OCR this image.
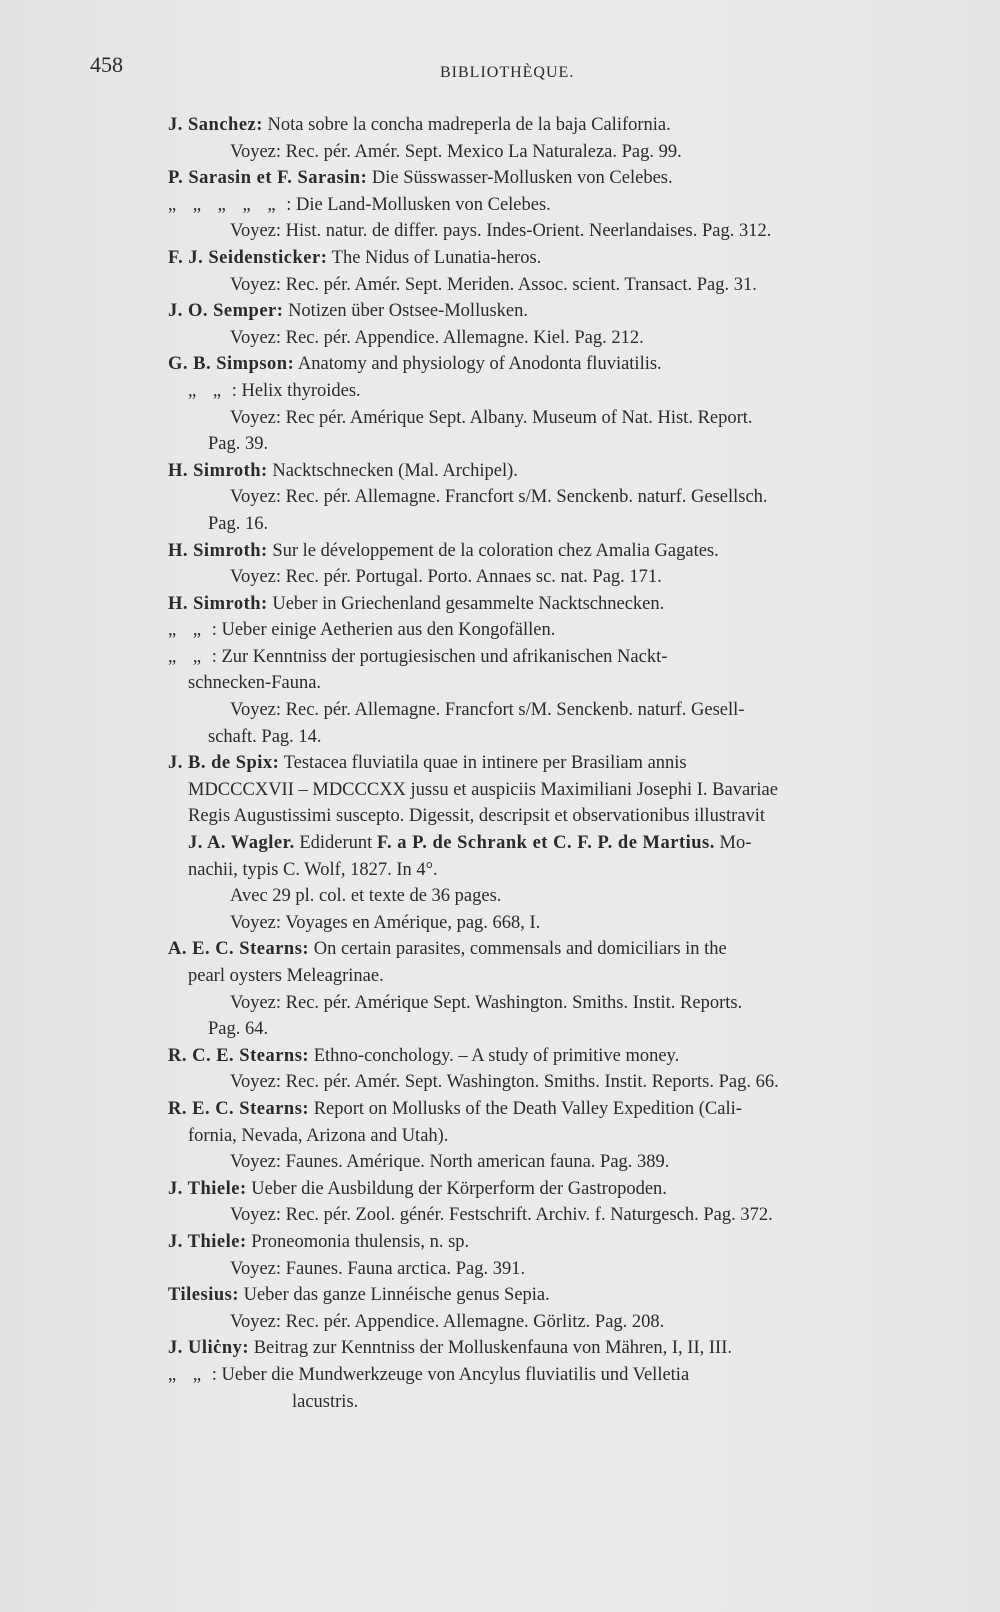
458	BIBLIOTHÈQUE.
J. Sanchez: Nota sobre la concha madreperla de la baja California.
Voyez: Rec. pér. Amér. Sept. Mexico La Naturaleza. Pag. 99.
P. Sarasin et F. Sarasin: Die Süsswasser-Mollusken von Celebes.
„ „ „ „ „ : Die Land-Mollusken von Celebes.
Voyez: Hist. natur. de differ. pays. Indes-Orient. Neerlandaises. Pag. 312.
F. J. Seidensticker: The Nidus of Lunatia-heros.
Voyez: Rec. pér. Amér. Sept. Meriden. Assoc. scient. Transact. Pag. 31.
J. O. Semper: Notizen über Ostsee-Mollusken.
Voyez: Rec. pér. Appendice. Allemagne. Kiel. Pag. 212.
G. B. Simpson: Anatomy and physiology of Anodonta fluviatilis.
„ „ : Helix thyroides.
Voyez: Rec pér. Amérique Sept. Albany. Museum of Nat. Hist. Report.
Pag. 39.
H. Simroth: Nacktschnecken (Mal. Archipel).
Voyez: Rec. pér. Allemagne. Francfort s/M. Senckenb. naturf. Gesellsch.
Pag. 16.
H. Simroth: Sur le développement de la coloration chez Amalia Gagates.
Voyez: Rec. pér. Portugal. Porto. Annaes sc. nat. Pag. 171.
H. Simroth: Ueber in Griechenland gesammelte Nacktschnecken.
„ „ : Ueber einige Aetherien aus den Kongofällen.
„ „ : Zur Kenntniss der portugiesischen und afrikanischen Nackt-
schnecken-Fauna.
Voyez: Rec. pér. Allemagne. Francfort s/M. Senckenb. naturf. Gesell-
schaft. Pag. 14.
J. B. de Spix: Testacea fluviatila quae in intinere per Brasiliam annis
MDCCCXVII – MDCCCXX jussu et auspiciis Maximiliani Josephi I. Bavariae
Regis Augustissimi suscepto. Digessit, descripsit et observationibus illustravit
J. A. Wagler. Ediderunt F. a P. de Schrank et C. F. P. de Martius. Mo-
nachii, typis C. Wolf, 1827. In 4°.
Avec 29 pl. col. et texte de 36 pages.
Voyez: Voyages en Amérique, pag. 668, I.
A. E. C. Stearns: On certain parasites, commensals and domiciliars in the
pearl oysters Meleagrinae.
Voyez: Rec. pér. Amérique Sept. Washington. Smiths. Instit. Reports.
Pag. 64.
R. C. E. Stearns: Ethno-conchology. – A study of primitive money.
Voyez: Rec. pér. Amér. Sept. Washington. Smiths. Instit. Reports. Pag. 66.
R. E. C. Stearns: Report on Mollusks of the Death Valley Expedition (Cali-
fornia, Nevada, Arizona and Utah).
Voyez: Faunes. Amérique. North american fauna. Pag. 389.
J. Thiele: Ueber die Ausbildung der Körperform der Gastropoden.
Voyez: Rec. pér. Zool. génér. Festschrift. Archiv. f. Naturgesch. Pag. 372.
J. Thiele: Proneomonia thulensis, n. sp.
Voyez: Faunes. Fauna arctica. Pag. 391.
Tilesius: Ueber das ganze Linnéische genus Sepia.
Voyez: Rec. pér. Appendice. Allemagne. Görlitz. Pag. 208.
J. Uliċny: Beitrag zur Kenntniss der Molluskenfauna von Mähren, I, II, III.
„ „ : Ueber die Mundwerkzeuge von Ancylus fluviatilis und Velletia
lacustris.
